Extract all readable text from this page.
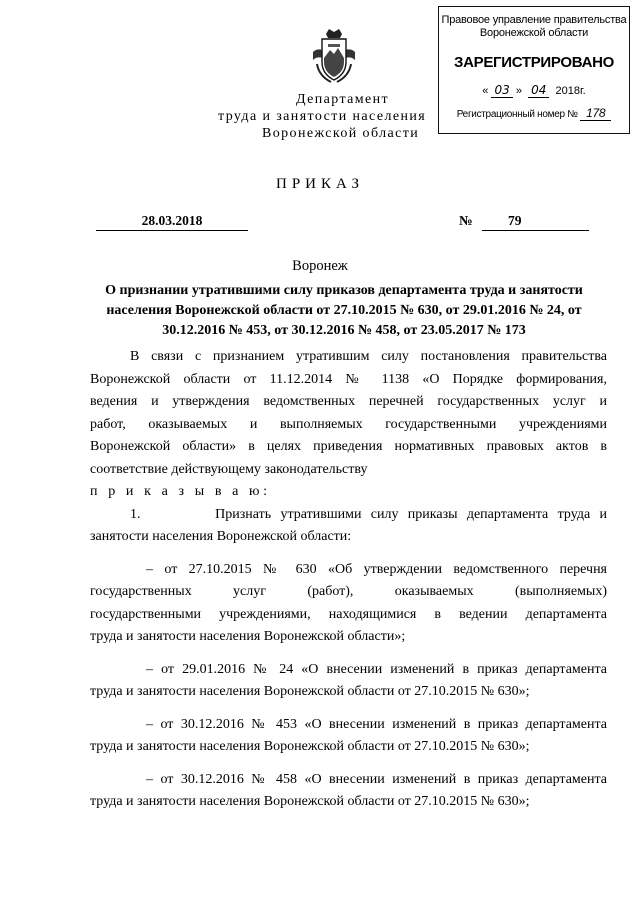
Правовое управление правительства
Воронежской области
ЗАРЕГИСТРИРОВАНО
« 03 »  04 2018г.
Регистрационный номер № 178
Департамент
труда и занятости населения
Воронежской области
ПРИКАЗ
28.03.2018	№	79
Воронеж
О признании утратившими силу приказов департамента труда и занятости
населения Воронежской области от 27.10.2015 № 630, от 29.01.2016 № 24, от
30.12.2016 № 453, от 30.12.2016 № 458, от 23.05.2017 № 173
В связи с признанием утратившим силу постановления правительства
Воронежской области от 11.12.2014 № 1138 «О Порядке формирования,
ведения и утверждения ведомственных перечней государственных услуг и
работ, оказываемых и выполняемых государственными учреждениями
Воронежской области» в целях приведения нормативных правовых актов в
соответствие действующему законодательству
п р и к а з ы в а ю:
1.        Признать утратившими силу приказы департамента труда и
занятости населения Воронежской области:
– от 27.10.2015 № 630 «Об утверждении ведомственного перечня
государственных услуг (работ), оказываемых (выполняемых)
государственными учреждениями, находящимися в ведении департамента
труда и занятости населения Воронежской области»;
– от 29.01.2016 № 24 «О внесении изменений в приказ департамента
труда и занятости населения Воронежской области от 27.10.2015 № 630»;
– от 30.12.2016 № 453 «О внесении изменений в приказ департамента
труда и занятости населения Воронежской области от 27.10.2015 № 630»;
– от 30.12.2016 № 458 «О внесении изменений в приказ департамента
труда и занятости населения Воронежской области от 27.10.2015 № 630»;
